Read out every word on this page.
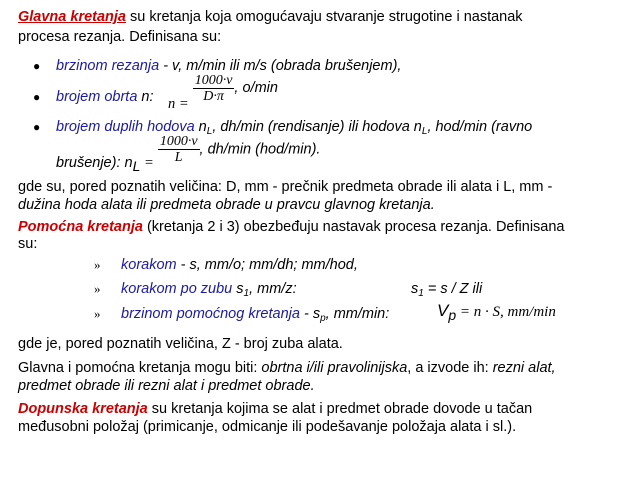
Glavna kretanja su kretanja koja omogućavaju stvaranje strugotine i nastanak
procesa rezanja. Definisana su:
● brzinom rezanja - v, m/min ili m/s (obrada brušenjem),
● brojem obrta n: n =
$\frac{1000\cdot v}{D\cdot\pi}$ , o/min
● brojem duplih hodova $n_L$, dh/min (rendisanje) ili hodova $n_L$, hod/min (ravno
brušenje): $n_L = \frac{1000\cdot v}{L}$ , dh/min (hod/min).
gde su, pored poznatih veličina: D, mm - prečnik predmeta obrade ili alata i L, mm -
dužina hoda alata ili predmeta obrade u pravcu glavnog kretanja.
Pomoćna kretanja (kretanja 2 i 3) obezbeđuju nastavak procesa rezanja. Definisana
su:
» korakom - s, mm/o; mm/dh; mm/hod,
» korakom po zubu $s_1$, mm/z:	$s_1 = s / Z$ ili
» brzinom pomoćnog kretanja - $s_p$, mm/min:	$V_p = n \cdot S$, mm/min
gde je, pored poznatih veličina, Z - broj zuba alata.
Glavna i pomoćna kretanja mogu biti: obrtna i/ili pravolinijska, a izvode ih: rezni alat,
predmet obrade ili rezni alat i predmet obrade.
Dopunska kretanja su kretanja kojima se alat i predmet obrade dovode u tačan
međusobni položaj (primicanje, odmicanje ili podešavanje položaja alata i sl.).
